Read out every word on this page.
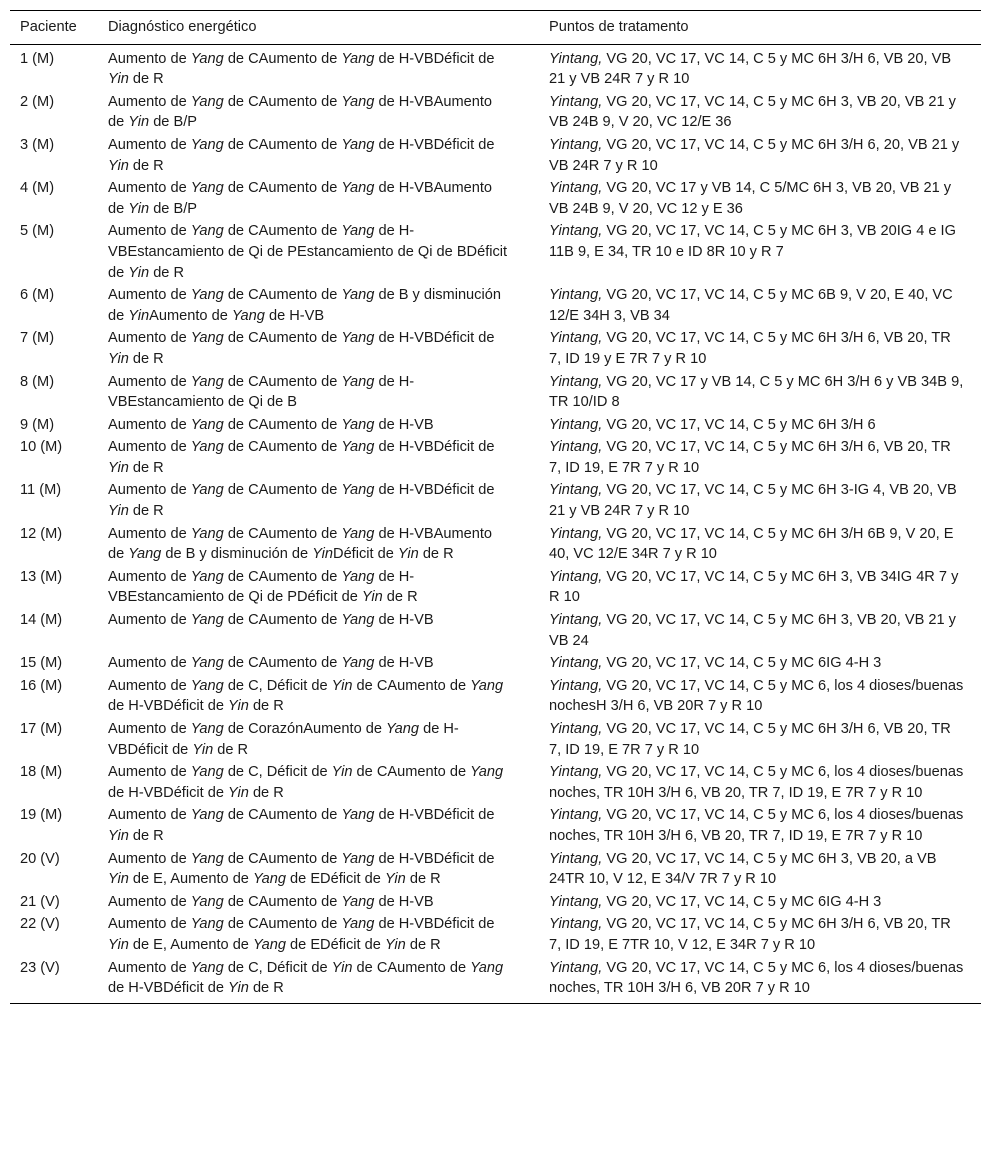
Paciente	Diagnóstico energético	Puntos de tratamento
1 (M)	Aumento de Yang de CAumento de Yang de H-VBDéficit de Yin de R	Yintang, VG 20, VC 17, VC 14, C 5 y MC 6H 3/H 6, VB 20, VB 21 y VB 24R 7 y R 10
2 (M)	Aumento de Yang de CAumento de Yang de H-VBAumento de Yin de B/P	Yintang, VG 20, VC 17, VC 14, C 5 y MC 6H 3, VB 20, VB 21 y VB 24B 9, V 20, VC 12/E 36
3 (M)	Aumento de Yang de CAumento de Yang de H-VBDéficit de Yin de R	Yintang, VG 20, VC 17, VC 14, C 5 y MC 6H 3/H 6, 20, VB 21 y VB 24R 7 y R 10
4 (M)	Aumento de Yang de CAumento de Yang de H-VBAumento de Yin de B/P	Yintang, VG 20, VC 17 y VB 14, C 5/MC 6H 3, VB 20, VB 21 y VB 24B 9, V 20, VC 12 y E 36
5 (M)	Aumento de Yang de CAumento de Yang de H-VBEstancamiento de Qi de PEstancamiento de Qi de BDéficit de Yin de R	Yintang, VG 20, VC 17, VC 14, C 5 y MC 6H 3, VB 20IG 4 e IG 11B 9, E 34, TR 10 e ID 8R 10 y R 7
6 (M)	Aumento de Yang de CAumento de Yang de B y disminución de YinAumento de Yang de H-VB	Yintang, VG 20, VC 17, VC 14, C 5 y MC 6B 9, V 20, E 40, VC 12/E 34H 3, VB 34
7 (M)	Aumento de Yang de CAumento de Yang de H-VBDéficit de Yin de R	Yintang, VG 20, VC 17, VC 14, C 5 y MC 6H 3/H 6, VB 20, TR 7, ID 19 y E 7R 7 y R 10
8 (M)	Aumento de Yang de CAumento de Yang de H-VBEstancamiento de Qi de B	Yintang, VG 20, VC 17 y VB 14, C 5 y MC 6H 3/H 6 y VB 34B 9, TR 10/ID 8
9 (M)	Aumento de Yang de CAumento de Yang de H-VB	Yintang, VG 20, VC 17, VC 14, C 5 y MC 6H 3/H 6
10 (M)	Aumento de Yang de CAumento de Yang de H-VBDéficit de Yin de R	Yintang, VG 20, VC 17, VC 14, C 5 y MC 6H 3/H 6, VB 20, TR 7, ID 19, E 7R 7 y R 10
11 (M)	Aumento de Yang de CAumento de Yang de H-VBDéficit de Yin de R	Yintang, VG 20, VC 17, VC 14, C 5 y MC 6H 3-IG 4, VB 20, VB 21 y VB 24R 7 y R 10
12 (M)	Aumento de Yang de CAumento de Yang de H-VBAumento de Yang de B y disminución de YinDéficit de Yin de R	Yintang, VG 20, VC 17, VC 14, C 5 y MC 6H 3/H 6B 9, V 20, E 40, VC 12/E 34R 7 y R 10
13 (M)	Aumento de Yang de CAumento de Yang de H-VBEstancamiento de Qi de PDéficit de Yin de R	Yintang, VG 20, VC 17, VC 14, C 5 y MC 6H 3, VB 34IG 4R 7 y R 10
14 (M)	Aumento de Yang de CAumento de Yang de H-VB	Yintang, VG 20, VC 17, VC 14, C 5 y MC 6H 3, VB 20, VB 21 y VB 24
15 (M)	Aumento de Yang de CAumento de Yang de H-VB	Yintang, VG 20, VC 17, VC 14, C 5 y MC 6IG 4-H 3
16 (M)	Aumento de Yang de C, Déficit de Yin de CAumento de Yang de H-VBDéficit de Yin de R	Yintang, VG 20, VC 17, VC 14, C 5 y MC 6, los 4 dioses/buenas nochesH 3/H 6, VB 20R 7 y R 10
17 (M)	Aumento de Yang de CorazónAumento de Yang de H-VBDéficit de Yin de R	Yintang, VG 20, VC 17, VC 14, C 5 y MC 6H 3/H 6, VB 20, TR 7, ID 19, E 7R 7 y R 10
18 (M)	Aumento de Yang de C, Déficit de Yin de CAumento de Yang de H-VBDéficit de Yin de R	Yintang, VG 20, VC 17, VC 14, C 5 y MC 6, los 4 dioses/buenas noches, TR 10H 3/H 6, VB 20, TR 7, ID 19, E 7R 7 y R 10
19 (M)	Aumento de Yang de CAumento de Yang de H-VBDéficit de Yin de R	Yintang, VG 20, VC 17, VC 14, C 5 y MC 6, los 4 dioses/buenas noches, TR 10H 3/H 6, VB 20, TR 7, ID 19, E 7R 7 y R 10
20 (V)	Aumento de Yang de CAumento de Yang de H-VBDéficit de Yin de E, Aumento de Yang de EDéficit de Yin de R	Yintang, VG 20, VC 17, VC 14, C 5 y MC 6H 3, VB 20, a VB 24TR 10, V 12, E 34/V 7R 7 y R 10
21 (V)	Aumento de Yang de CAumento de Yang de H-VB	Yintang, VG 20, VC 17, VC 14, C 5 y MC 6IG 4-H 3
22 (V)	Aumento de Yang de CAumento de Yang de H-VBDéficit de Yin de E, Aumento de Yang de EDéficit de Yin de R	Yintang, VG 20, VC 17, VC 14, C 5 y MC 6H 3/H 6, VB 20, TR 7, ID 19, E 7TR 10, V 12, E 34R 7 y R 10
23 (V)	Aumento de Yang de C, Déficit de Yin de CAumento de Yang de H-VBDéficit de Yin de R	Yintang, VG 20, VC 17, VC 14, C 5 y MC 6, los 4 dioses/buenas noches, TR 10H 3/H 6, VB 20R 7 y R 10
